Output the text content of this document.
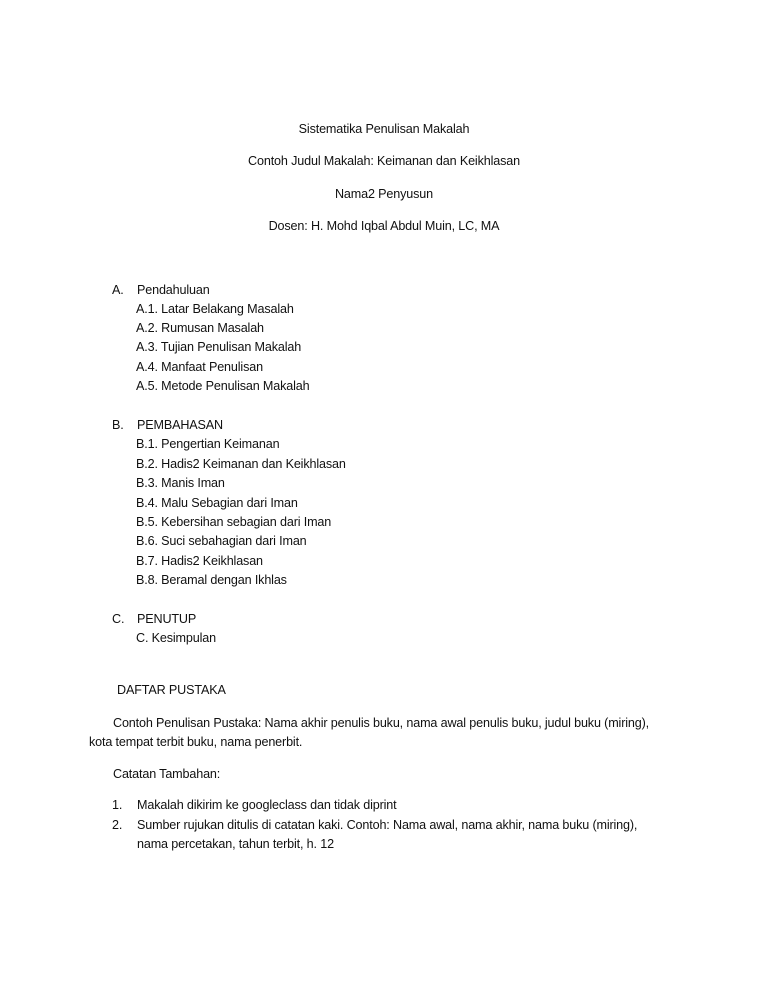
Sistematika Penulisan Makalah
Contoh Judul Makalah: Keimanan dan Keikhlasan
Nama2 Penyusun
Dosen: H. Mohd Iqbal Abdul Muin, LC, MA
A. Pendahuluan
A.1. Latar Belakang Masalah
A.2. Rumusan Masalah
A.3. Tujian Penulisan Makalah
A.4. Manfaat Penulisan
A.5. Metode Penulisan Makalah
B. PEMBAHASAN
B.1. Pengertian Keimanan
B.2. Hadis2 Keimanan dan Keikhlasan
B.3. Manis Iman
B.4. Malu Sebagian dari Iman
B.5. Kebersihan sebagian dari Iman
B.6. Suci sebahagian dari Iman
B.7. Hadis2 Keikhlasan
B.8. Beramal dengan Ikhlas
C. PENUTUP
C. Kesimpulan
DAFTAR PUSTAKA
Contoh Penulisan Pustaka: Nama akhir penulis buku, nama awal penulis buku, judul buku (miring),
kota tempat terbit buku, nama penerbit.
Catatan Tambahan:
1. Makalah dikirim ke googleclass dan tidak diprint
2. Sumber rujukan ditulis di catatan kaki. Contoh: Nama awal, nama akhir, nama buku (miring),
nama percetakan, tahun terbit, h. 12
